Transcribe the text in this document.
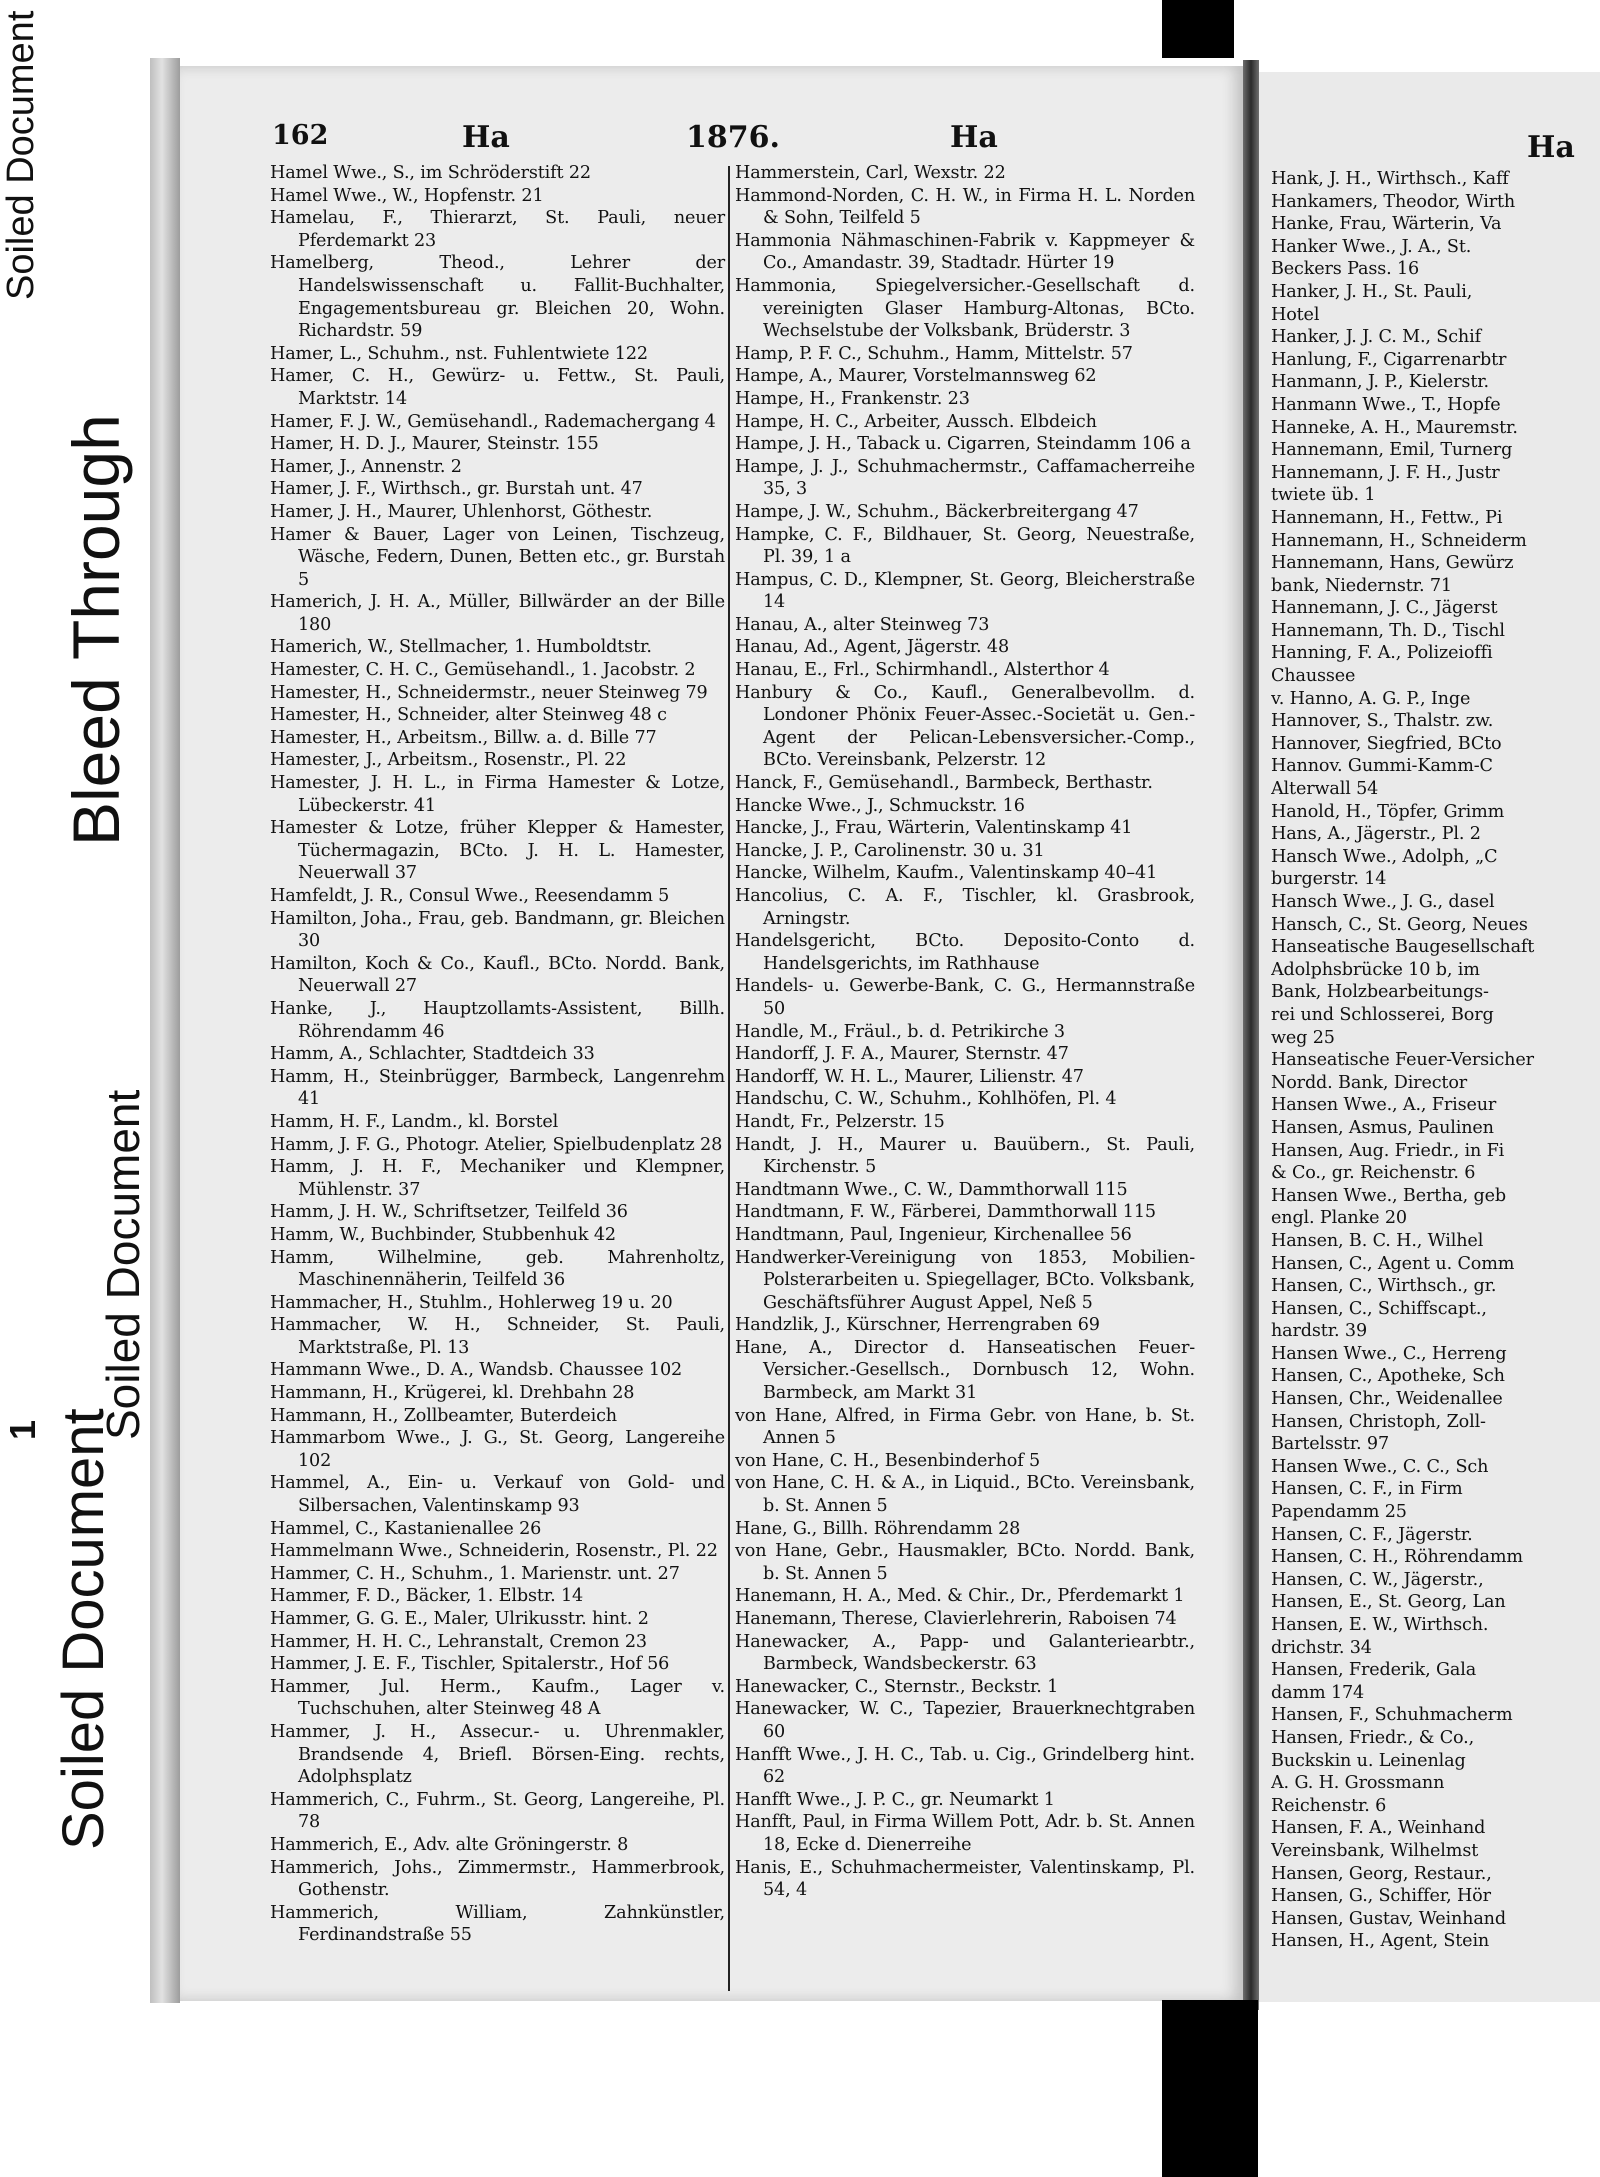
Soiled Document
Bleed Through
1 Soiled Document
Soiled Document
162	Ha	1876.	Ha
Hamel Wwe., S., im Schröderstift 22
Hamel Wwe., W., Hopfenstr. 21
Hamelau, F., Thierarzt, St. Pauli, neuer Pferdemarkt 23
Hamelberg, Theod., Lehrer der Handelswissenschaft u. Fallit-Buchhalter, Engagementsbureau gr. Bleichen 20, Wohn. Richardstr. 59
Hamer, L., Schuhm., nst. Fuhlentwiete 122
Hamer, C. H., Gewürz- u. Fettw., St. Pauli, Marktstr. 14
Hamer, F. J. W., Gemüsehandl., Rademachergang 4
Hamer, H. D. J., Maurer, Steinstr. 155
Hamer, J., Annenstr. 2
Hamer, J. F., Wirthsch., gr. Burstah unt. 47
Hamer, J. H., Maurer, Uhlenhorst, Göthestr.
Hamer & Bauer, Lager von Leinen, Tischzeug, Wäsche, Federn, Dunen, Betten etc., gr. Burstah 5
Hamerich, J. H. A., Müller, Billwärder an der Bille 180
Hamerich, W., Stellmacher, 1. Humboldtstr.
Hamester, C. H. C., Gemüsehandl., 1. Jacobstr. 2
Hamester, H., Schneidermstr., neuer Steinweg 79
Hamester, H., Schneider, alter Steinweg 48 c
Hamester, H., Arbeitsm., Billw. a. d. Bille 77
Hamester, J., Arbeitsm., Rosenstr., Pl. 22
Hamester, J. H. L., in Firma Hamester & Lotze, Lübeckerstr. 41
Hamester & Lotze, früher Klepper & Hamester, Tüchermagazin, BCto. J. H. L. Hamester, Neuerwall 37
Hamfeldt, J. R., Consul Wwe., Reesendamm 5
Hamilton, Joha., Frau, geb. Bandmann, gr. Bleichen 30
Hamilton, Koch & Co., Kaufl., BCto. Nordd. Bank, Neuerwall 27
Hanke, J., Hauptzollamts-Assistent, Billh. Röhrendamm 46
Hamm, A., Schlachter, Stadtdeich 33
Hamm, H., Steinbrügger, Barmbeck, Langenrehm 41
Hamm, H. F., Landm., kl. Borstel
Hamm, J. F. G., Photogr. Atelier, Spielbudenplatz 28
Hamm, J. H. F., Mechaniker und Klempner, Mühlenstr. 37
Hamm, J. H. W., Schriftsetzer, Teilfeld 36
Hamm, W., Buchbinder, Stubbenhuk 42
Hamm, Wilhelmine, geb. Mahrenholtz, Maschinennäherin, Teilfeld 36
Hammacher, H., Stuhlm., Hohlerweg 19 u. 20
Hammacher, W. H., Schneider, St. Pauli, Marktstraße, Pl. 13
Hammann Wwe., D. A., Wandsb. Chaussee 102
Hammann, H., Krügerei, kl. Drehbahn 28
Hammann, H., Zollbeamter, Buterdeich
Hammarbom Wwe., J. G., St. Georg, Langereihe 102
Hammel, A., Ein- u. Verkauf von Gold- und Silbersachen, Valentinskamp 93
Hammel, C., Kastanienallee 26
Hammelmann Wwe., Schneiderin, Rosenstr., Pl. 22
Hammer, C. H., Schuhm., 1. Marienstr. unt. 27
Hammer, F. D., Bäcker, 1. Elbstr. 14
Hammer, G. G. E., Maler, Ulrikusstr. hint. 2
Hammer, H. H. C., Lehranstalt, Cremon 23
Hammer, J. E. F., Tischler, Spitalerstr., Hof 56
Hammer, Jul. Herm., Kaufm., Lager v. Tuchschuhen, alter Steinweg 48 A
Hammer, J. H., Assecur.- u. Uhrenmakler, Brandsende 4, Briefl. Börsen-Eing. rechts, Adolphsplatz
Hammerich, C., Fuhrm., St. Georg, Langereihe, Pl. 78
Hammerich, E., Adv. alte Gröningerstr. 8
Hammerich, Johs., Zimmermstr., Hammerbrook, Gothenstr.
Hammerich, William, Zahnkünstler, Ferdinandstraße 55
Hammerstein, Carl, Wexstr. 22
Hammond-Norden, C. H. W., in Firma H. L. Norden & Sohn, Teilfeld 5
Hammonia Nähmaschinen-Fabrik v. Kappmeyer & Co., Amandastr. 39, Stadtadr. Hürter 19
Hammonia, Spiegelversicher.-Gesellschaft d. vereinigten Glaser Hamburg-Altonas, BCto. Wechselstube der Volksbank, Brüderstr. 3
Hamp, P. F. C., Schuhm., Hamm, Mittelstr. 57
Hampe, A., Maurer, Vorstelmannsweg 62
Hampe, H., Frankenstr. 23
Hampe, H. C., Arbeiter, Aussch. Elbdeich
Hampe, J. H., Taback u. Cigarren, Steindamm 106 a
Hampe, J. J., Schuhmachermstr., Caffamacherreihe 35, 3
Hampe, J. W., Schuhm., Bäckerbreitergang 47
Hampke, C. F., Bildhauer, St. Georg, Neuestraße, Pl. 39, 1 a
Hampus, C. D., Klempner, St. Georg, Bleicherstraße 14
Hanau, A., alter Steinweg 73
Hanau, Ad., Agent, Jägerstr. 48
Hanau, E., Frl., Schirmhandl., Alsterthor 4
Hanbury & Co., Kaufl., Generalbevollm. d. Londoner Phönix Feuer-Assec.-Societät u. Gen.-Agent der Pelican-Lebensversicher.-Comp., BCto. Vereinsbank, Pelzerstr. 12
Hanck, F., Gemüsehandl., Barmbeck, Berthastr.
Hancke Wwe., J., Schmuckstr. 16
Hancke, J., Frau, Wärterin, Valentinskamp 41
Hancke, J. P., Carolinenstr. 30 u. 31
Hancke, Wilhelm, Kaufm., Valentinskamp 40–41
Hancolius, C. A. F., Tischler, kl. Grasbrook, Arningstr.
Handelsgericht, BCto. Deposito-Conto d. Handelsgerichts, im Rathhause
Handels- u. Gewerbe-Bank, C. G., Hermannstraße 50
Handle, M., Fräul., b. d. Petrikirche 3
Handorff, J. F. A., Maurer, Sternstr. 47
Handorff, W. H. L., Maurer, Lilienstr. 47
Handschu, C. W., Schuhm., Kohlhöfen, Pl. 4
Handt, Fr., Pelzerstr. 15
Handt, J. H., Maurer u. Bauübern., St. Pauli, Kirchenstr. 5
Handtmann Wwe., C. W., Dammthorwall 115
Handtmann, F. W., Färberei, Dammthorwall 115
Handtmann, Paul, Ingenieur, Kirchenallee 56
Handwerker-Vereinigung von 1853, Mobilien-Polsterarbeiten u. Spiegellager, BCto. Volksbank, Geschäftsführer August Appel, Neß 5
Handzlik, J., Kürschner, Herrengraben 69
Hane, A., Director d. Hanseatischen Feuer-Versicher.-Gesellsch., Dornbusch 12, Wohn. Barmbeck, am Markt 31
von Hane, Alfred, in Firma Gebr. von Hane, b. St. Annen 5
von Hane, C. H., Besenbinderhof 5
von Hane, C. H. & A., in Liquid., BCto. Vereinsbank, b. St. Annen 5
Hane, G., Billh. Röhrendamm 28
von Hane, Gebr., Hausmakler, BCto. Nordd. Bank, b. St. Annen 5
Hanemann, H. A., Med. & Chir., Dr., Pferdemarkt 1
Hanemann, Therese, Clavierlehrerin, Raboisen 74
Hanewacker, A., Papp- und Galanteriearbtr., Barmbeck, Wandsbeckerstr. 63
Hanewacker, C., Sternstr., Beckstr. 1
Hanewacker, W. C., Tapezier, Brauerknechtgraben 60
Hanfft Wwe., J. H. C., Tab. u. Cig., Grindelberg hint. 62
Hanfft Wwe., J. P. C., gr. Neumarkt 1
Hanfft, Paul, in Firma Willem Pott, Adr. b. St. Annen 18, Ecke d. Dienerreihe
Hanis, E., Schuhmachermeister, Valentinskamp, Pl. 54, 4
Ha
Hank, J. H., Wirthsch., Kaff
Hankamers, Theodor, Wirth
Hanke, Frau, Wärterin, Va
Hanker Wwe., J. A., St.
Beckers Pass. 16
Hanker, J. H., St. Pauli,
Hotel
Hanker, J. J. C. M., Schif
Hanlung, F., Cigarrenarbtr
Hanmann, J. P., Kielerstr.
Hanmann Wwe., T., Hopfe
Hanneke, A. H., Mauremstr.
Hannemann, Emil, Turnerg
Hannemann, J. F. H., Justr
twiete üb. 1
Hannemann, H., Fettw., Pi
Hannemann, H., Schneiderm
Hannemann, Hans, Gewürz
bank, Niedernstr. 71
Hannemann, J. C., Jägerst
Hannemann, Th. D., Tischl
Hanning, F. A., Polizeioffi
Chaussee
v. Hanno, A. G. P., Inge
Hannover, S., Thalstr. zw.
Hannover, Siegfried, BCto
Hannov. Gummi-Kamm-C
Alterwall 54
Hanold, H., Töpfer, Grimm
Hans, A., Jägerstr., Pl. 2
Hansch Wwe., Adolph, „C
burgerstr. 14
Hansch Wwe., J. G., dasel
Hansch, C., St. Georg, Neues
Hanseatische Baugesellschaft
Adolphsbrücke 10 b, im
Bank, Holzbearbeitungs-
rei und Schlosserei, Borg
weg 25
Hanseatische Feuer-Versicher
Nordd. Bank, Director
Hansen Wwe., A., Friseur
Hansen, Asmus, Paulinen
Hansen, Aug. Friedr., in Fi
& Co., gr. Reichenstr. 6
Hansen Wwe., Bertha, geb
engl. Planke 20
Hansen, B. C. H., Wilhel
Hansen, C., Agent u. Comm
Hansen, C., Wirthsch., gr.
Hansen, C., Schiffscapt.,
hardstr. 39
Hansen Wwe., C., Herreng
Hansen, C., Apotheke, Sch
Hansen, Chr., Weidenallee
Hansen, Christoph, Zoll-
Bartelsstr. 97
Hansen Wwe., C. C., Sch
Hansen, C. F., in Firm
Papendamm 25
Hansen, C. F., Jägerstr.
Hansen, C. H., Röhrendamm
Hansen, C. W., Jägerstr.,
Hansen, E., St. Georg, Lan
Hansen, E. W., Wirthsch.
drichstr. 34
Hansen, Frederik, Gala
damm 174
Hansen, F., Schuhmacherm
Hansen, Friedr., & Co.,
Buckskin u. Leinenlag
A. G. H. Grossmann
Reichenstr. 6
Hansen, F. A., Weinhand
Vereinsbank, Wilhelmst
Hansen, Georg, Restaur.,
Hansen, G., Schiffer, Hör
Hansen, Gustav, Weinhand
Hansen, H., Agent, Stein
